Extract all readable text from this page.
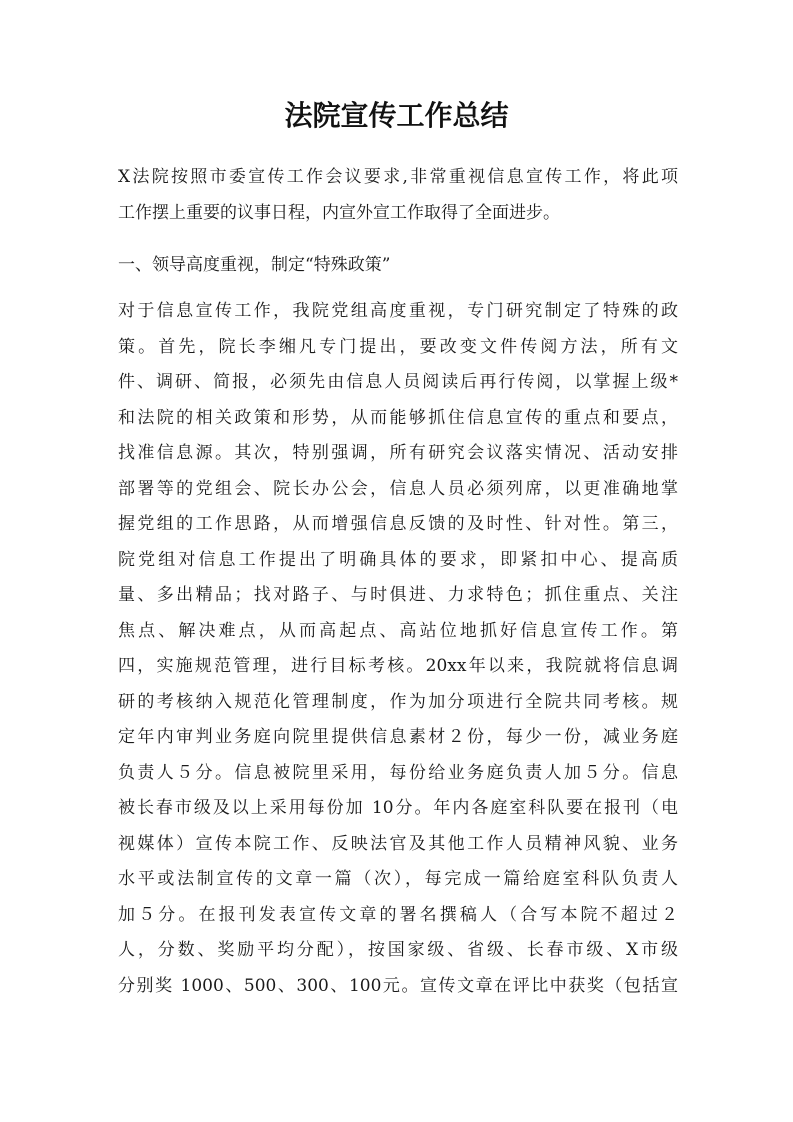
法院宣传工作总结
X法院按照市委宣传工作会议要求,非常重视信息宣传工作，将此项
工作摆上重要的议事日程，内宣外宣工作取得了全面进步。
一、领导高度重视，制定“特殊政策”
对于信息宣传工作，我院党组高度重视，专门研究制定了特殊的政
策。首先，院长李缃凡专门提出，要改变文件传阅方法，所有文
件、调研、简报，必须先由信息人员阅读后再行传阅，以掌握上级*
和法院的相关政策和形势，从而能够抓住信息宣传的重点和要点，
找准信息源。其次，特别强调，所有研究会议落实情况、活动安排
部署等的党组会、院长办公会，信息人员必须列席，以更准确地掌
握党组的工作思路，从而增强信息反馈的及时性、针对性。第三，
院党组对信息工作提出了明确具体的要求，即紧扣中心、提高质
量、多出精品；找对路子、与时俱进、力求特色；抓住重点、关注
焦点、解决难点，从而高起点、高站位地抓好信息宣传工作。第
四，实施规范管理，进行目标考核。20xx年以来，我院就将信息调
研的考核纳入规范化管理制度，作为加分项进行全院共同考核。规
定年内审判业务庭向院里提供信息素材２份，每少一份，减业务庭
负责人５分。信息被院里采用，每份给业务庭负责人加５分。信息
被长春市级及以上采用每份加 10分。年内各庭室科队要在报刊（电
视媒体）宣传本院工作、反映法官及其他工作人员精神风貌、业务
水平或法制宣传的文章一篇（次），每完成一篇给庭室科队负责人
加５分。在报刊发表宣传文章的署名撰稿人（合写本院不超过２
人，分数、奖励平均分配），按国家级、省级、长春市级、X市级
分别奖 1000、500、300、100元。宣传文章在评比中获奖（包括宣
